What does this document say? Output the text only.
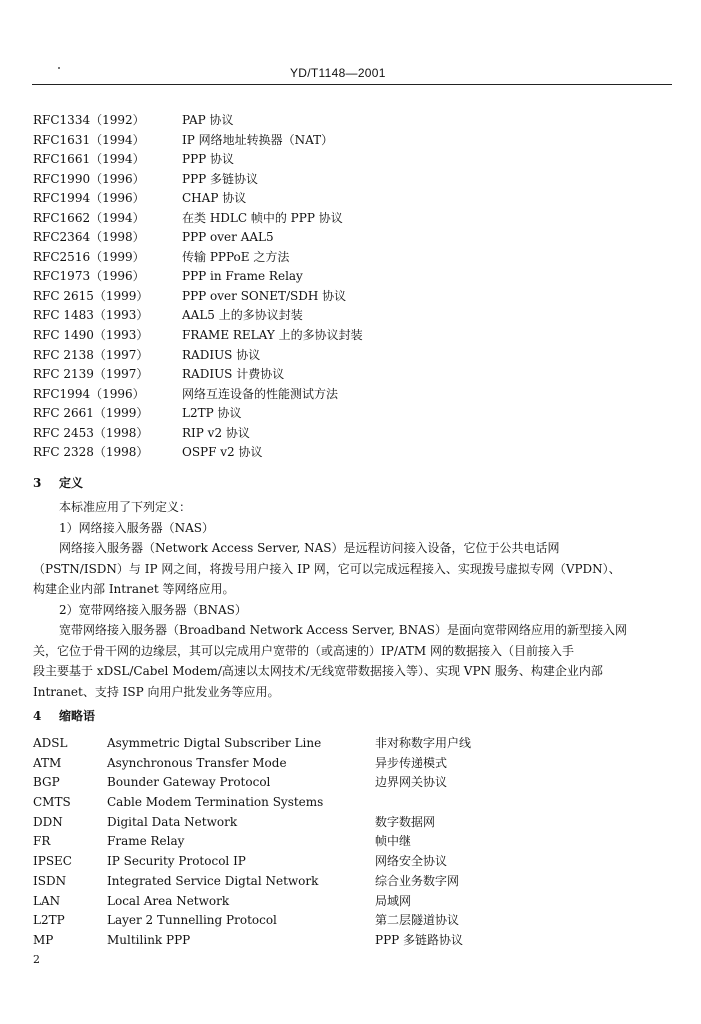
YD/T1148—2001
RFC1334（1992）	PAP 协议
RFC1631（1994）	IP 网络地址转换器（NAT）
RFC1661（1994）	PPP 协议
RFC1990（1996）	PPP 多链协议
RFC1994（1996）	CHAP 协议
RFC1662（1994）	在类 HDLC 帧中的 PPP 协议
RFC2364（1998）	PPP over AAL5
RFC2516（1999）	传输 PPPoE 之方法
RFC1973（1996）	PPP in Frame Relay
RFC 2615（1999）	PPP over SONET/SDH 协议
RFC 1483（1993）	AAL5 上的多协议封装
RFC 1490（1993）	FRAME RELAY 上的多协议封装
RFC 2138（1997）	RADIUS 协议
RFC 2139（1997）	RADIUS 计费协议
RFC1994（1996）	网络互连设备的性能测试方法
RFC 2661（1999）	L2TP 协议
RFC 2453（1998）	RIP v2 协议
RFC 2328（1998）	OSPF v2 协议
3 定义

本标准应用了下列定义：

1）网络接入服务器（NAS）

网络接入服务器（Network Access Server, NAS）是远程访问接入设备，它位于公共电话网

（PSTN/ISDN）与 IP 网之间，将拨号用户接入 IP 网，它可以完成远程接入、实现拨号虚拟专网（VPDN）、

构建企业内部 Intranet 等网络应用。

2）宽带网络接入服务器（BNAS）

宽带网络接入服务器（Broadband Network Access Server, BNAS）是面向宽带网络应用的新型接入网

关，它位于骨干网的边缘层，其可以完成用户宽带的（或高速的）IP/ATM 网的数据接入（目前接入手

段主要基于 xDSL/Cabel Modem/高速以太网技术/无线宽带数据接入等）、实现 VPN 服务、构建企业内部

Intranet、支持 ISP 向用户批发业务等应用。

4 缩略语
ADSL	Asymmetric Digtal Subscriber Line	非对称数字用户线
ATM	Asynchronous Transfer Mode	异步传递模式
BGP	Bounder Gateway Protocol	边界网关协议
CMTS	Cable Modem Termination Systems
DDN	Digital Data Network	数字数据网
FR	Frame Relay	帧中继
IPSEC	IP Security Protocol IP	网络安全协议
ISDN	Integrated Service Digtal Network	综合业务数字网
LAN	Local Area Network	局域网
L2TP	Layer 2 Tunnelling Protocol	第二层隧道协议
MP	Multilink PPP	PPP 多链路协议
2
